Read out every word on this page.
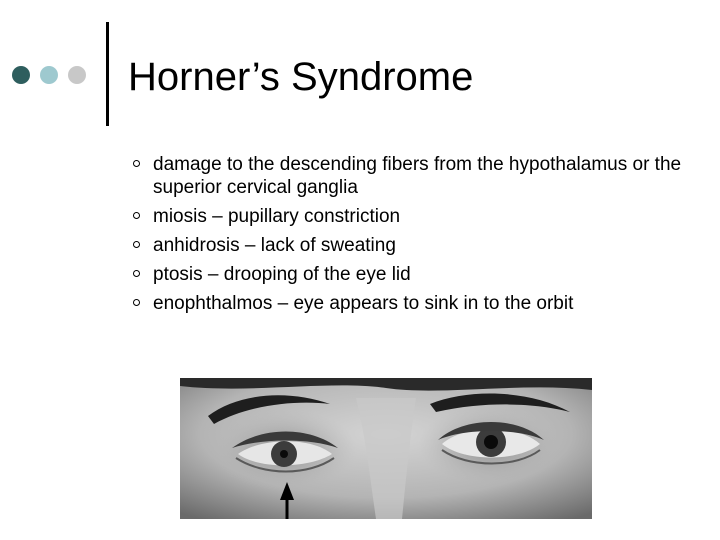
Horner’s Syndrome
damage to the descending fibers from the hypothalamus or the superior cervical ganglia
miosis – pupillary constriction
anhidrosis – lack of sweating
ptosis – drooping of the eye lid
enophthalmos – eye appears to sink in to the orbit
